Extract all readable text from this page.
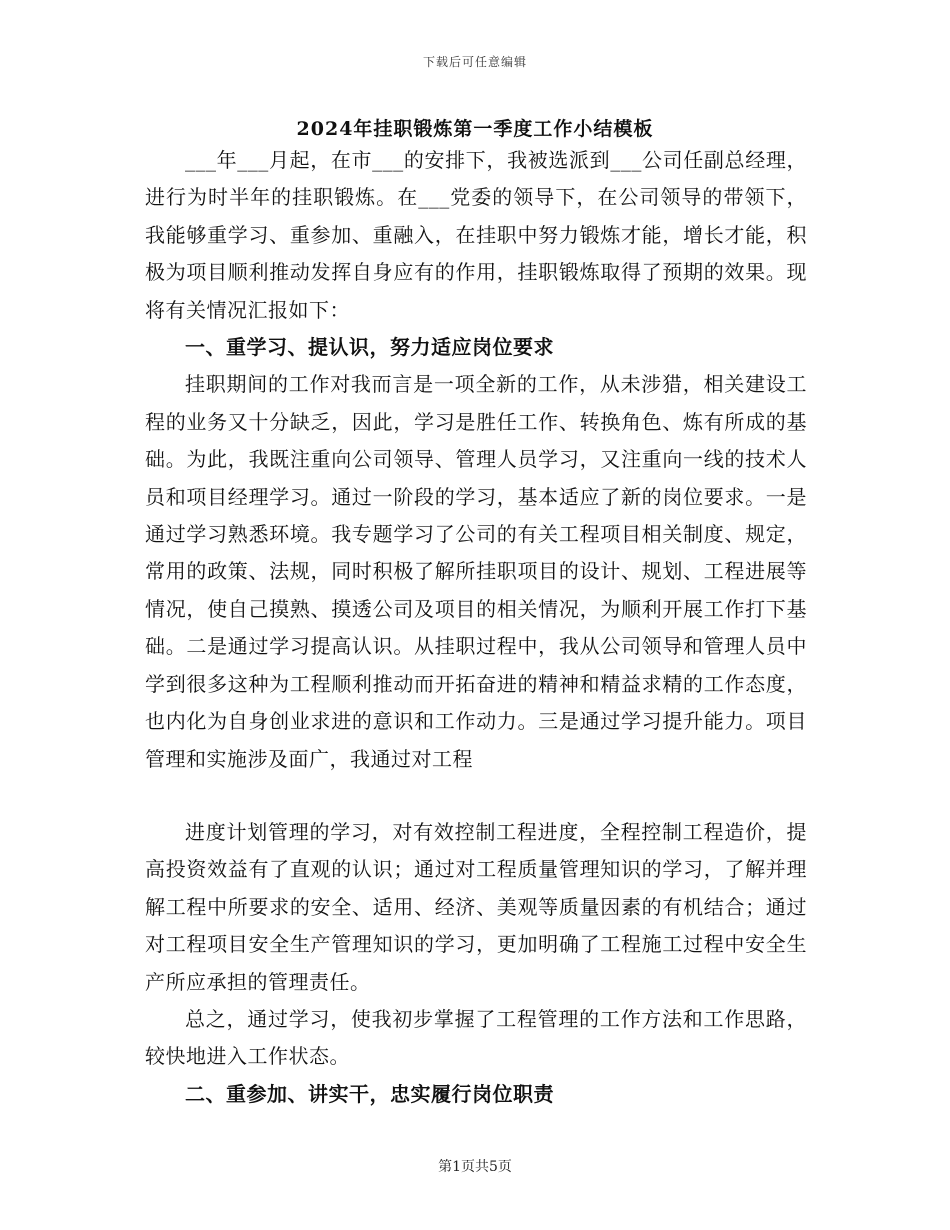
下载后可任意编辑
2024年挂职锻炼第一季度工作小结模板

___年___月起，在市___的安排下，我被选派到___公司任副总经理，进行为时半年的挂职锻炼。在___党委的领导下，在公司领导的带领下，我能够重学习、重参加、重融入，在挂职中努力锻炼才能，增长才能，积极为项目顺利推动发挥自身应有的作用，挂职锻炼取得了预期的效果。现将有关情况汇报如下：

一、重学习、提认识，努力适应岗位要求

挂职期间的工作对我而言是一项全新的工作，从未涉猎，相关建设工程的业务又十分缺乏，因此，学习是胜任工作、转换角色、炼有所成的基础。为此，我既注重向公司领导、管理人员学习，又注重向一线的技术人员和项目经理学习。通过一阶段的学习，基本适应了新的岗位要求。一是通过学习熟悉环境。我专题学习了公司的有关工程项目相关制度、规定，常用的政策、法规，同时积极了解所挂职项目的设计、规划、工程进展等情况，使自己摸熟、摸透公司及项目的相关情况，为顺利开展工作打下基础。二是通过学习提高认识。从挂职过程中，我从公司领导和管理人员中学到很多这种为工程顺利推动而开拓奋进的精神和精益求精的工作态度，也内化为自身创业求进的意识和工作动力。三是通过学习提升能力。项目管理和实施涉及面广，我通过对工程

进度计划管理的学习，对有效控制工程进度，全程控制工程造价，提高投资效益有了直观的认识；通过对工程质量管理知识的学习，了解并理解工程中所要求的安全、适用、经济、美观等质量因素的有机结合；通过对工程项目安全生产管理知识的学习，更加明确了工程施工过程中安全生产所应承担的管理责任。

总之，通过学习，使我初步掌握了工程管理的工作方法和工作思路，较快地进入工作状态。

二、重参加、讲实干，忠实履行岗位职责

第1页共5页
